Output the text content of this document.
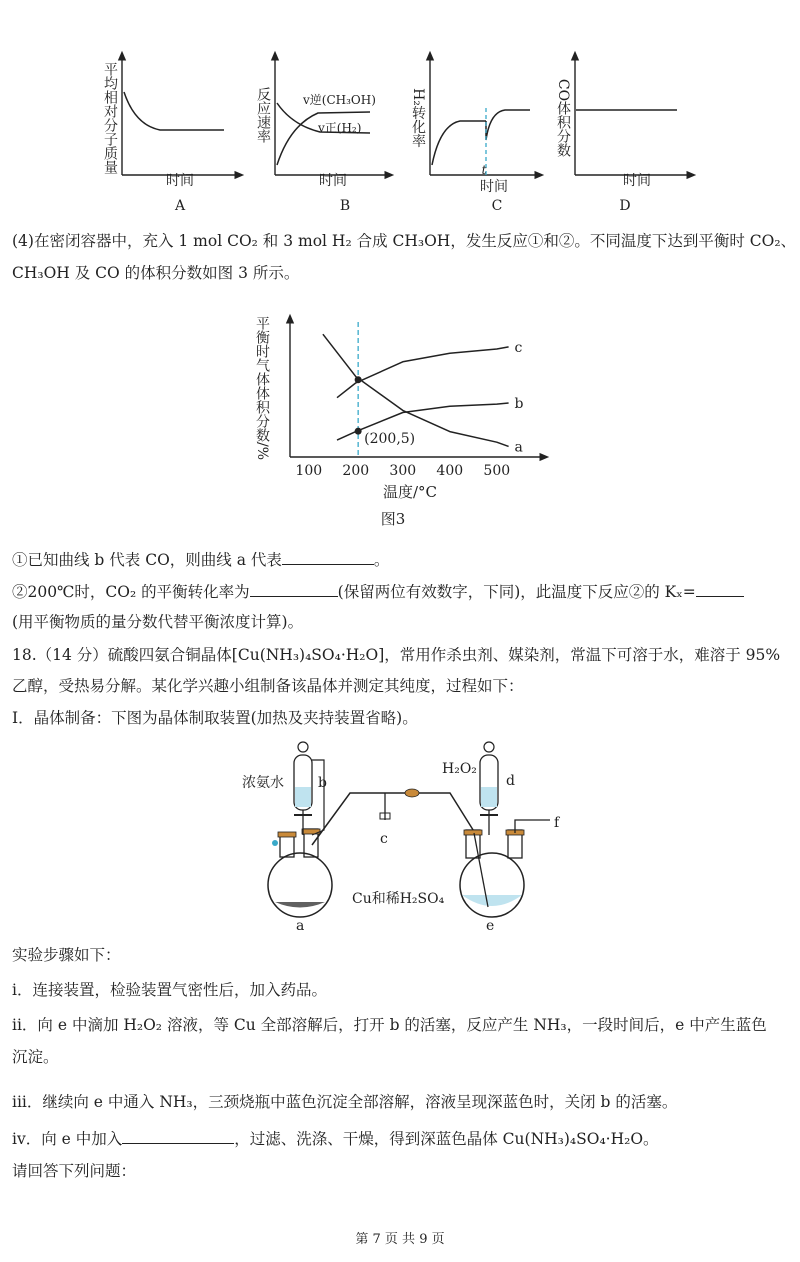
平均相对分子质量
时间
A
v逆(CH₃OH)
v正(H₂)
反应速率
时间
B
t
H₂转化率
时间
C
CO体积分数
时间
D
(4)在密闭容器中，充入 1 mol CO₂ 和 3 mol H₂ 合成 CH₃OH，发生反应①和②。不同温度下达到平衡时 CO₂、
CH₃OH 及 CO 的体积分数如图 3 所示。
平衡时气体体积分数/%
温度/°C
图3
100 200 300 400 500
c
b
a
(200,5)
①已知曲线 b 代表 CO，则曲线 a 代表	。
②200℃时，CO₂ 的平衡转化率为	(保留两位有效数字，下同)，此温度下反应②的 Kₓ=
(用平衡物质的量分数代替平衡浓度计算)。
18.（14 分）硫酸四氨合铜晶体[Cu(NH₃)₄SO₄·H₂O]，常用作杀虫剂、媒染剂，常温下可溶于水，难溶于 95%
乙醇，受热易分解。某化学兴趣小组制备该晶体并测定其纯度，过程如下：
I．晶体制备：下图为晶体制取装置(加热及夹持装置省略)。
浓氨水 b
c
a
H₂O₂
d
f
e
Cu和稀H₂SO₄
实验步骤如下：
i．连接装置，检验装置气密性后，加入药品。
ii．向 e 中滴加 H₂O₂ 溶液，等 Cu 全部溶解后，打开 b 的活塞，反应产生 NH₃，一段时间后，e 中产生蓝色
沉淀。
iii．继续向 e 中通入 NH₃，三颈烧瓶中蓝色沉淀全部溶解，溶液呈现深蓝色时，关闭 b 的活塞。
iv．向 e 中加入	，过滤、洗涤、干燥，得到深蓝色晶体 Cu(NH₃)₄SO₄·H₂O。
请回答下列问题：
第 7 页 共 9 页
